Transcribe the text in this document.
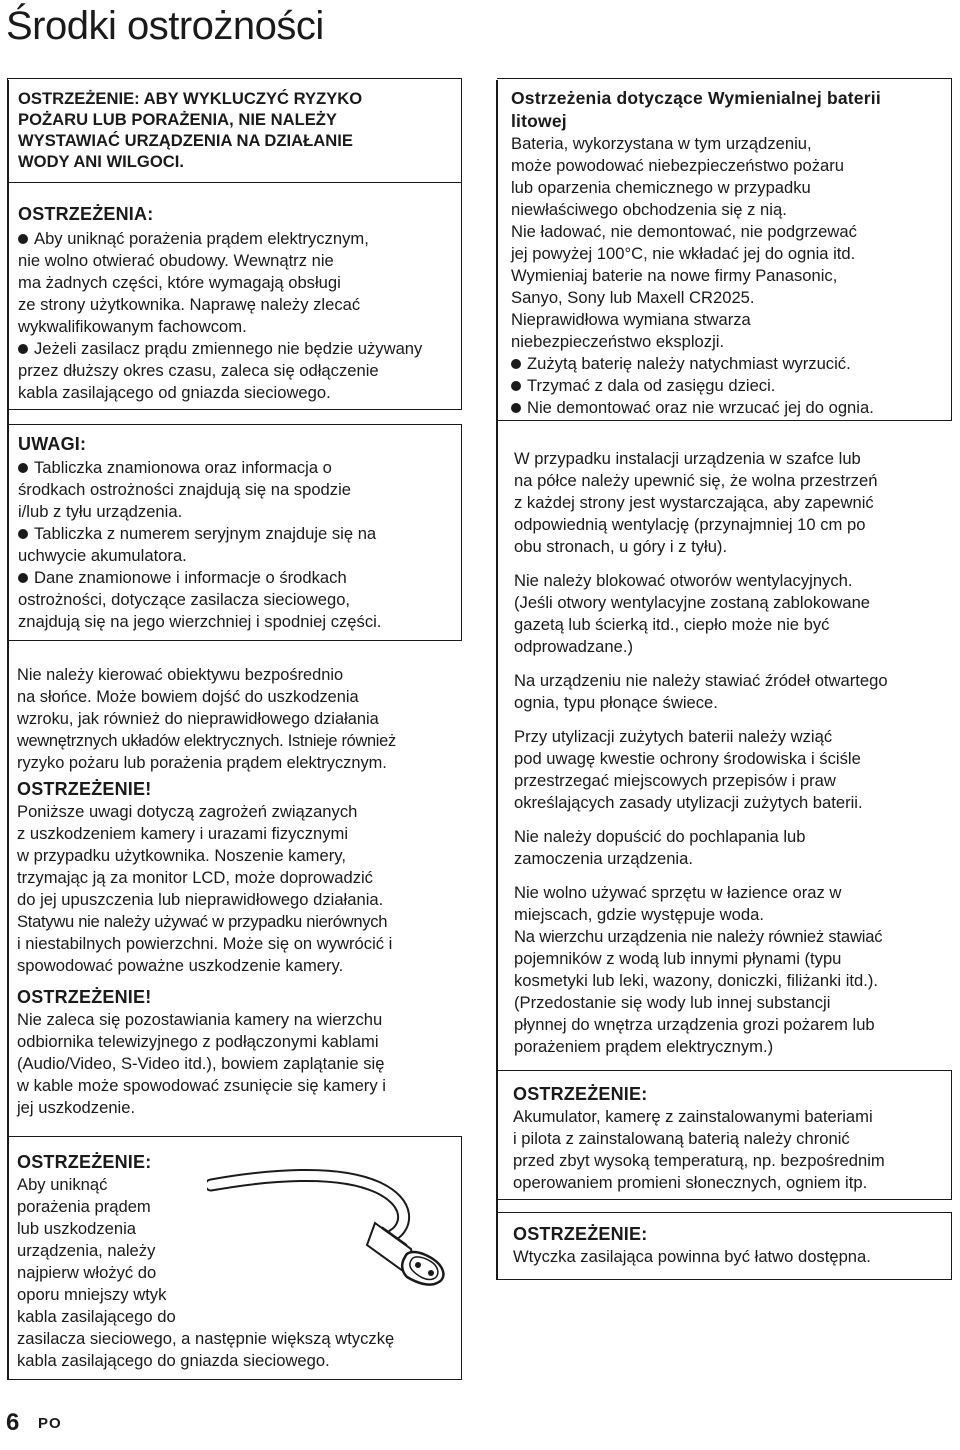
Środki ostrożności
OSTRZEŻENIE: ABY WYKLUCZYĆ RYZYKO
POŻARU LUB PORAŻENIA, NIE NALEŻY
WYSTAWIAĆ URZĄDZENIA NA DZIAŁANIE
WODY ANI WILGOCI.
OSTRZEŻENIA:
Aby uniknąć porażenia prądem elektrycznym,
nie wolno otwierać obudowy. Wewnątrz nie
ma żadnych części, które wymagają obsługi
ze strony użytkownika. Naprawę należy zlecać
wykwalifikowanym fachowcom.
Jeżeli zasilacz prądu zmiennego nie będzie używany
przez dłuższy okres czasu, zaleca się odłączenie
kabla zasilającego od gniazda sieciowego.
UWAGI:
Tabliczka znamionowa oraz informacja o
środkach ostrożności znajdują się na spodzie
i/lub z tyłu urządzenia.
Tabliczka z numerem seryjnym znajduje się na
uchwycie akumulatora.
Dane znamionowe i informacje o środkach
ostrożności, dotyczące zasilacza sieciowego,
znajdują się na jego wierzchniej i spodniej części.
Nie należy kierować obiektywu bezpośrednio
na słońce. Może bowiem dojść do uszkodzenia
wzroku, jak również do nieprawidłowego działania
wewnętrznych układów elektrycznych. Istnieje również
ryzyko pożaru lub porażenia prądem elektrycznym.
OSTRZEŻENIE!
Poniższe uwagi dotyczą zagrożeń związanych
z uszkodzeniem kamery i urazami fizycznymi
w przypadku użytkownika. Noszenie kamery,
trzymając ją za monitor LCD, może doprowadzić
do jej upuszczenia lub nieprawidłowego działania.
Statywu nie należy używać w przypadku nierównych
i niestabilnych powierzchni. Może się on wywrócić i
spowodować poważne uszkodzenie kamery.
OSTRZEŻENIE!
Nie zaleca się pozostawiania kamery na wierzchu
odbiornika telewizyjnego z podłączonymi kablami
(Audio/Video, S-Video itd.), bowiem zaplątanie się
w kable może spowodować zsunięcie się kamery i
jej uszkodzenie.
OSTRZEŻENIE:
Aby uniknąć
porażenia prądem
lub uszkodzenia
urządzenia, należy
najpierw włożyć do
oporu mniejszy wtyk
kabla zasilającego do
zasilacza sieciowego, a następnie większą wtyczkę
kabla zasilającego do gniazda sieciowego.
Ostrzeżenia dotyczące Wymienialnej baterii
litowej
Bateria, wykorzystana w tym urządzeniu,
może powodować niebezpieczeństwo pożaru
lub oparzenia chemicznego w przypadku
niewłaściwego obchodzenia się z nią.
Nie ładować, nie demontować, nie podgrzewać
jej powyżej 100°C, nie wkładać jej do ognia itd.
Wymieniaj baterie na nowe firmy Panasonic,
Sanyo, Sony lub Maxell CR2025.
Nieprawidłowa wymiana stwarza
niebezpieczeństwo eksplozji.
Zużytą baterię należy natychmiast wyrzucić.
Trzymać z dala od zasięgu dzieci.
Nie demontować oraz nie wrzucać jej do ognia.
W przypadku instalacji urządzenia w szafce lub
na półce należy upewnić się, że wolna przestrzeń
z każdej strony jest wystarczająca, aby zapewnić
odpowiednią wentylację (przynajmniej 10 cm po
obu stronach, u góry i z tyłu).
Nie należy blokować otworów wentylacyjnych.
(Jeśli otwory wentylacyjne zostaną zablokowane
gazetą lub ścierką itd., ciepło może nie być
odprowadzane.)
Na urządzeniu nie należy stawiać źródeł otwartego
ognia, typu płonące świece.
Przy utylizacji zużytych baterii należy wziąć
pod uwagę kwestie ochrony środowiska i ściśle
przestrzegać miejscowych przepisów i praw
określających zasady utylizacji zużytych baterii.
Nie należy dopuścić do pochlapania lub
zamoczenia urządzenia.
Nie wolno używać sprzętu w łazience oraz w
miejscach, gdzie występuje woda.
Na wierzchu urządzenia nie należy również stawiać
pojemników z wodą lub innymi płynami (typu
kosmetyki lub leki, wazony, doniczki, filiżanki itd.).
(Przedostanie się wody lub innej substancji
płynnej do wnętrza urządzenia grozi pożarem lub
porażeniem prądem elektrycznym.)
OSTRZEŻENIE:
Akumulator, kamerę z zainstalowanymi bateriami
i pilota z zainstalowaną baterią należy chronić
przed zbyt wysoką temperaturą, np. bezpośrednim
operowaniem promieni słonecznych, ogniem itp.
OSTRZEŻENIE:
Wtyczka zasilająca powinna być łatwo dostępna.
6 PO
